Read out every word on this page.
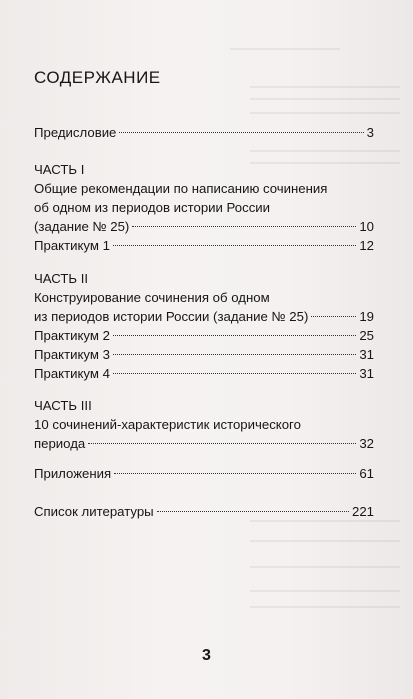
СОДЕРЖАНИЕ
Предисловие	3
ЧАСТЬ I
Общие рекомендации по написанию сочинения
об одном из периодов истории России
(задание № 25)	10
Практикум 1	12
ЧАСТЬ II
Конструирование сочинения об одном
из периодов истории России (задание № 25)	19
Практикум 2	25
Практикум 3	31
Практикум 4	31
ЧАСТЬ III
10 сочинений-характеристик исторического
периода	32
Приложения	61
Список литературы	221
3
